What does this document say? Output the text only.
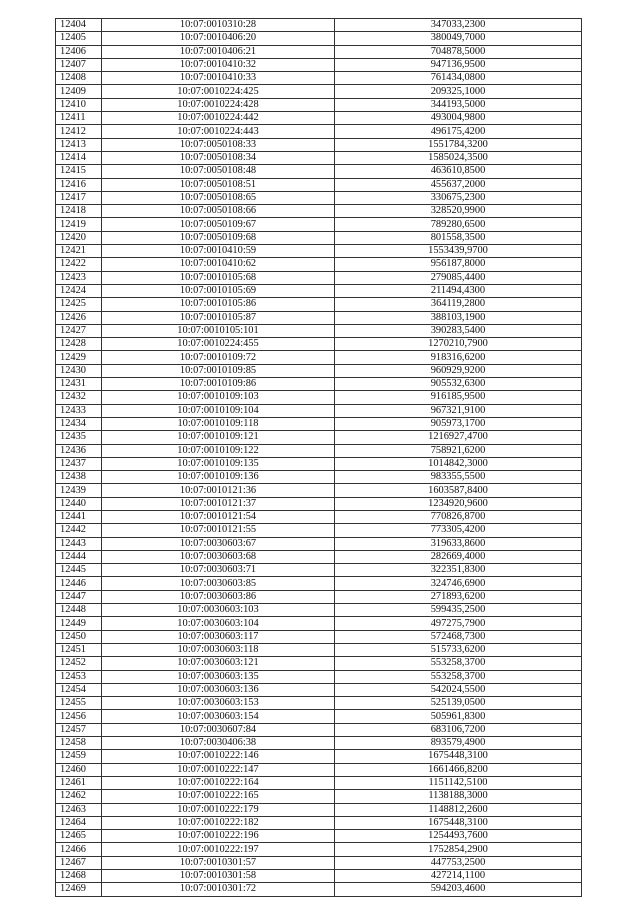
12404	10:07:0010310:28	347033,2300
12405	10:07:0010406:20	380049,7000
12406	10:07:0010406:21	704878,5000
12407	10:07:0010410:32	947136,9500
12408	10:07:0010410:33	761434,0800
12409	10:07:0010224:425	209325,1000
12410	10:07:0010224:428	344193,5000
12411	10:07:0010224:442	493004,9800
12412	10:07:0010224:443	496175,4200
12413	10:07:0050108:33	1551784,3200
12414	10:07:0050108:34	1585024,3500
12415	10:07:0050108:48	463610,8500
12416	10:07:0050108:51	455637,2000
12417	10:07:0050108:65	330675,2300
12418	10:07:0050108:66	328520,9900
12419	10:07:0050109:67	789280,6500
12420	10:07:0050109:68	801558,3500
12421	10:07:0010410:59	1553439,9700
12422	10:07:0010410:62	956187,8000
12423	10:07:0010105:68	279085,4400
12424	10:07:0010105:69	211494,4300
12425	10:07:0010105:86	364119,2800
12426	10:07:0010105:87	388103,1900
12427	10:07:0010105:101	390283,5400
12428	10:07:0010224:455	1270210,7900
12429	10:07:0010109:72	918316,6200
12430	10:07:0010109:85	960929,9200
12431	10:07:0010109:86	905532,6300
12432	10:07:0010109:103	916185,9500
12433	10:07:0010109:104	967321,9100
12434	10:07:0010109:118	905973,1700
12435	10:07:0010109:121	1216927,4700
12436	10:07:0010109:122	758921,6200
12437	10:07:0010109:135	1014842,3000
12438	10:07:0010109:136	983355,5500
12439	10:07:0010121:36	1603587,8400
12440	10:07:0010121:37	1234920,9600
12441	10:07:0010121:54	770826,8700
12442	10:07:0010121:55	773305,4200
12443	10:07:0030603:67	319633,8600
12444	10:07:0030603:68	282669,4000
12445	10:07:0030603:71	322351,8300
12446	10:07:0030603:85	324746,6900
12447	10:07:0030603:86	271893,6200
12448	10:07:0030603:103	599435,2500
12449	10:07:0030603:104	497275,7900
12450	10:07:0030603:117	572468,7300
12451	10:07:0030603:118	515733,6200
12452	10:07:0030603:121	553258,3700
12453	10:07:0030603:135	553258,3700
12454	10:07:0030603:136	542024,5500
12455	10:07:0030603:153	525139,0500
12456	10:07:0030603:154	505961,8300
12457	10:07:0030607:84	683106,7200
12458	10:07:0030406:38	893579,4900
12459	10:07:0010222:146	1675448,3100
12460	10:07:0010222:147	1661466,8200
12461	10:07:0010222:164	1151142,5100
12462	10:07:0010222:165	1138188,3000
12463	10:07:0010222:179	1148812,2600
12464	10:07:0010222:182	1675448,3100
12465	10:07:0010222:196	1254493,7600
12466	10:07:0010222:197	1752854,2900
12467	10:07:0010301:57	447753,2500
12468	10:07:0010301:58	427214,1100
12469	10:07:0010301:72	594203,4600
